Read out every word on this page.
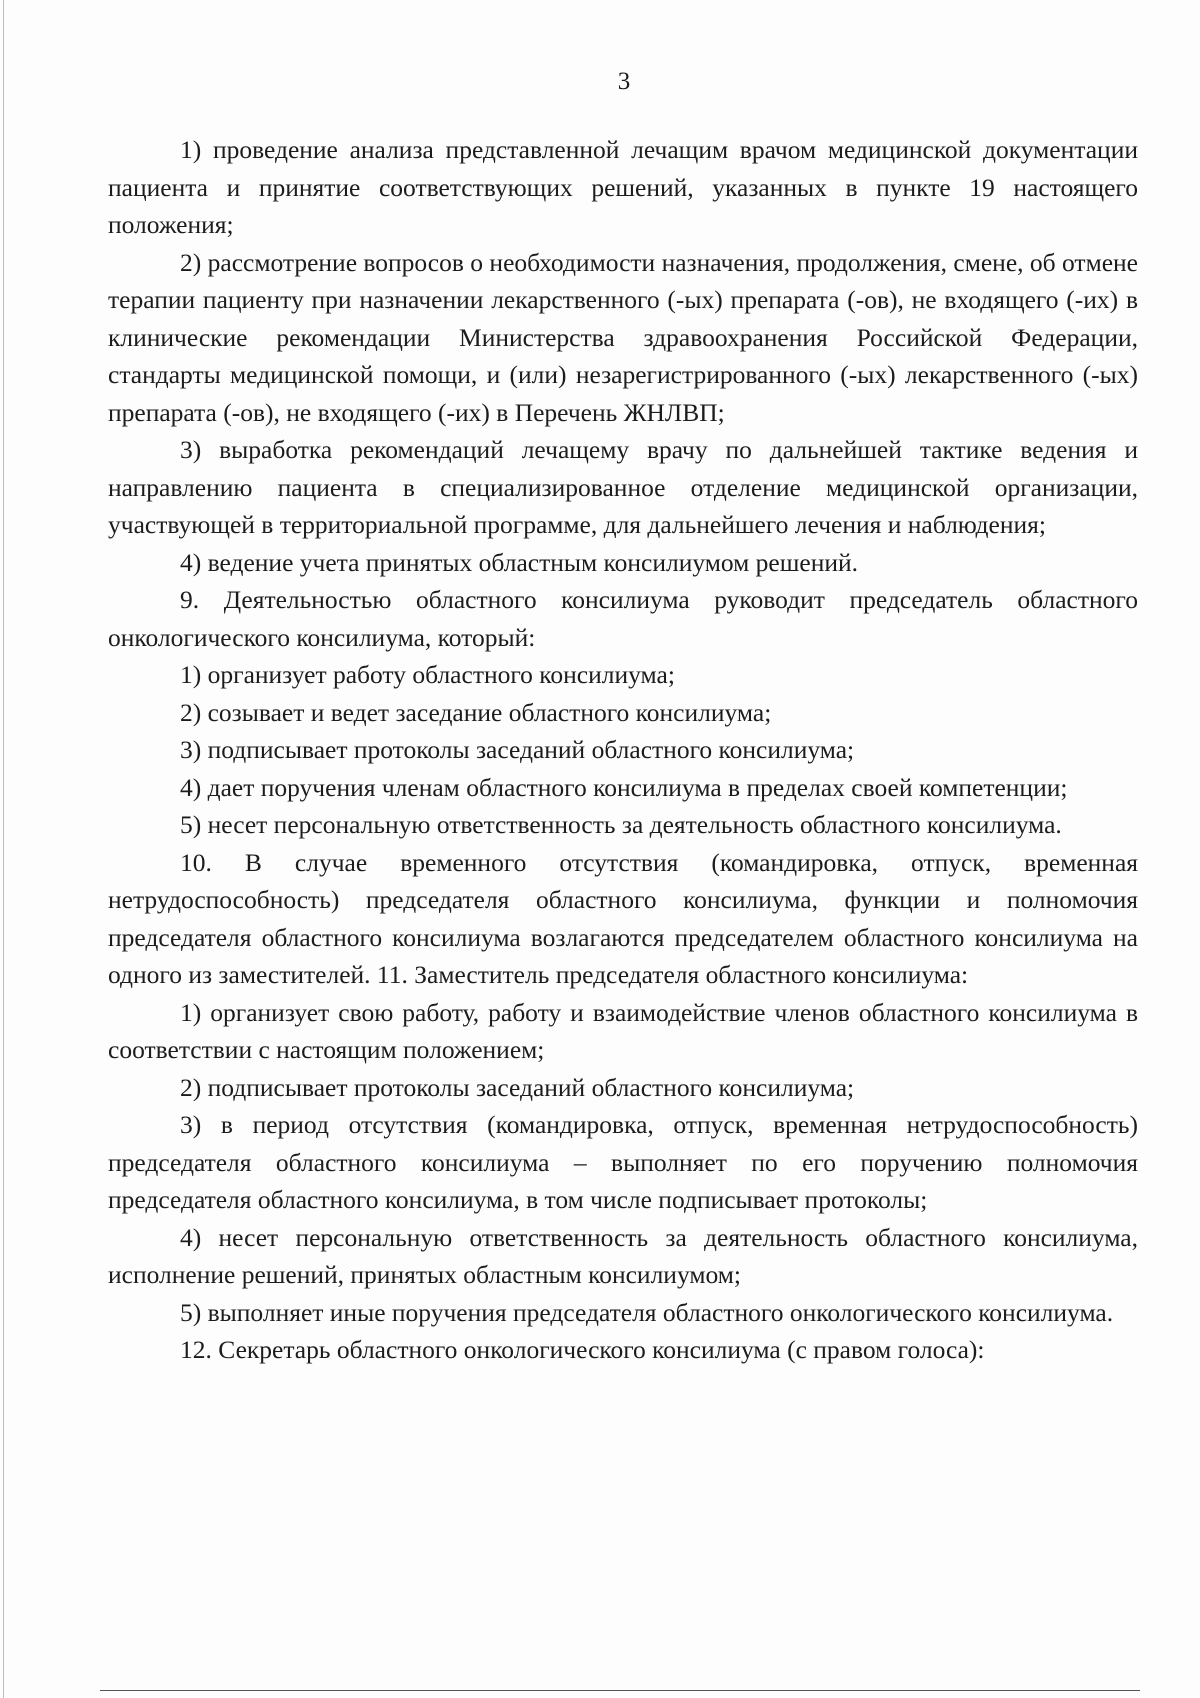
3

1) проведение анализа представленной лечащим врачом медицинской документации пациента и принятие соответствующих решений, указанных в пункте 19 настоящего положения;

2) рассмотрение вопросов о необходимости назначения, продолжения, смене, об отмене терапии пациенту при назначении лекарственного (-ых) препарата (-ов), не входящего (-их) в клинические рекомендации Министерства здравоохранения Российской Федерации, стандарты медицинской помощи, и (или) незарегистрированного (-ых) лекарственного (-ых) препарата (-ов), не входящего (-их) в Перечень ЖНЛВП;

3) выработка рекомендаций лечащему врачу по дальнейшей тактике ведения и направлению пациента в специализированное отделение медицинской организации, участвующей в территориальной программе, для дальнейшего лечения и наблюдения;

4) ведение учета принятых областным консилиумом решений.

9. Деятельностью областного консилиума руководит председатель областного онкологического консилиума, который:

1) организует работу областного консилиума;

2) созывает и ведет заседание областного консилиума;

3) подписывает протоколы заседаний областного консилиума;

4) дает поручения членам областного консилиума в пределах своей компетенции;

5) несет персональную ответственность за деятельность областного консилиума.

10. В случае временного отсутствия (командировка, отпуск, временная нетрудоспособность) председателя областного консилиума, функции и полномочия председателя областного консилиума возлагаются председателем областного консилиума на одного из заместителей. 11. Заместитель председателя областного консилиума:

1) организует свою работу, работу и взаимодействие членов областного консилиума в соответствии с настоящим положением;

2) подписывает протоколы заседаний областного консилиума;

3) в период отсутствия (командировка, отпуск, временная нетрудоспособность) председателя областного консилиума – выполняет по его поручению полномочия председателя областного консилиума, в том числе подписывает протоколы;

4) несет персональную ответственность за деятельность областного консилиума, исполнение решений, принятых областным консилиумом;

5) выполняет иные поручения председателя областного онкологического консилиума.

12. Секретарь областного онкологического консилиума (с правом голоса):
